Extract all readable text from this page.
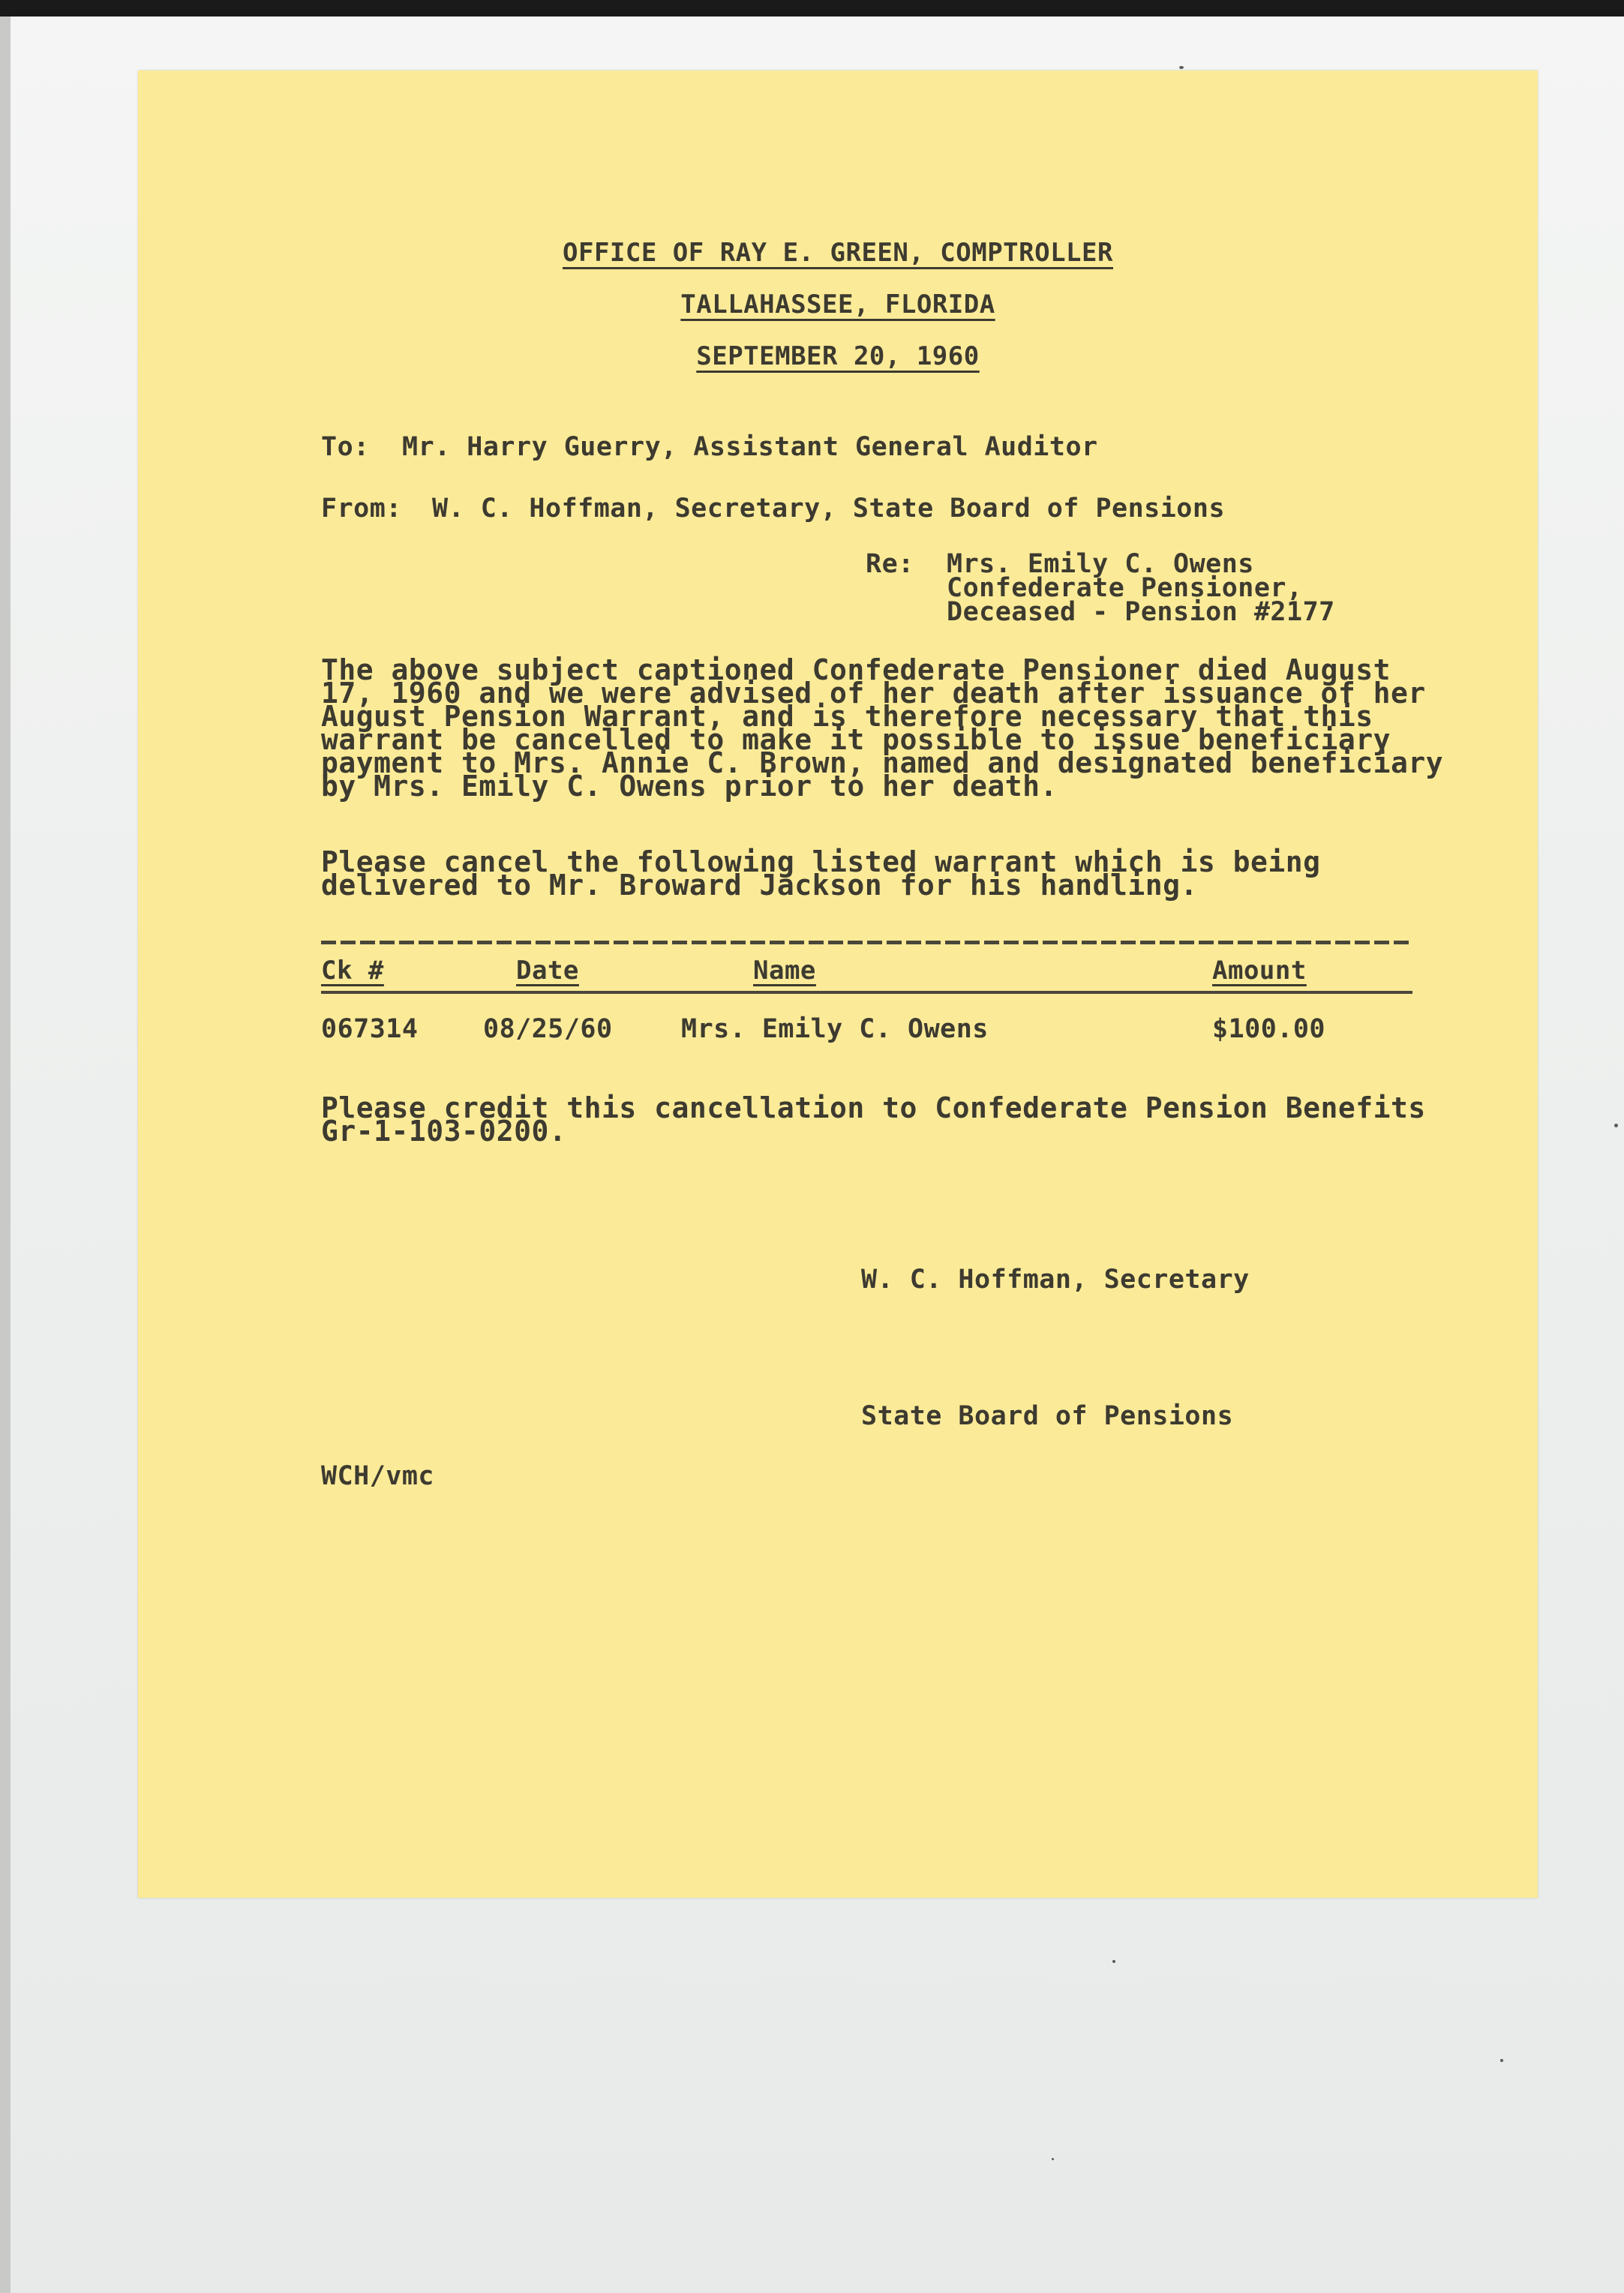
OFFICE OF RAY E. GREEN, COMPTROLLER
TALLAHASSEE, FLORIDA
SEPTEMBER 20, 1960
To: Mr. Harry Guerry, Assistant General Auditor
From: W. C. Hoffman, Secretary, State Board of Pensions
Re: Mrs. Emily C. Owens
Confederate Pensioner,
Deceased - Pension #2177
The above subject captioned Confederate Pensioner died August
17, 1960 and we were advised of her death after issuance of her
August Pension Warrant, and is therefore necessary that this
warrant be cancelled to make it possible to issue beneficiary
payment to Mrs. Annie C. Brown, named and designated beneficiary
by Mrs. Emily C. Owens prior to her death.
Please cancel the following listed warrant which is being
delivered to Mr. Broward Jackson for his handling.
Ck #	Date	Name	Amount
067314 08/25/60	Mrs. Emily C. Owens	$100.00
Please credit this cancellation to Confederate Pension Benefits
Gr-1-103-0200.
W. C. Hoffman, Secretary
State Board of Pensions
WCH/vmc
